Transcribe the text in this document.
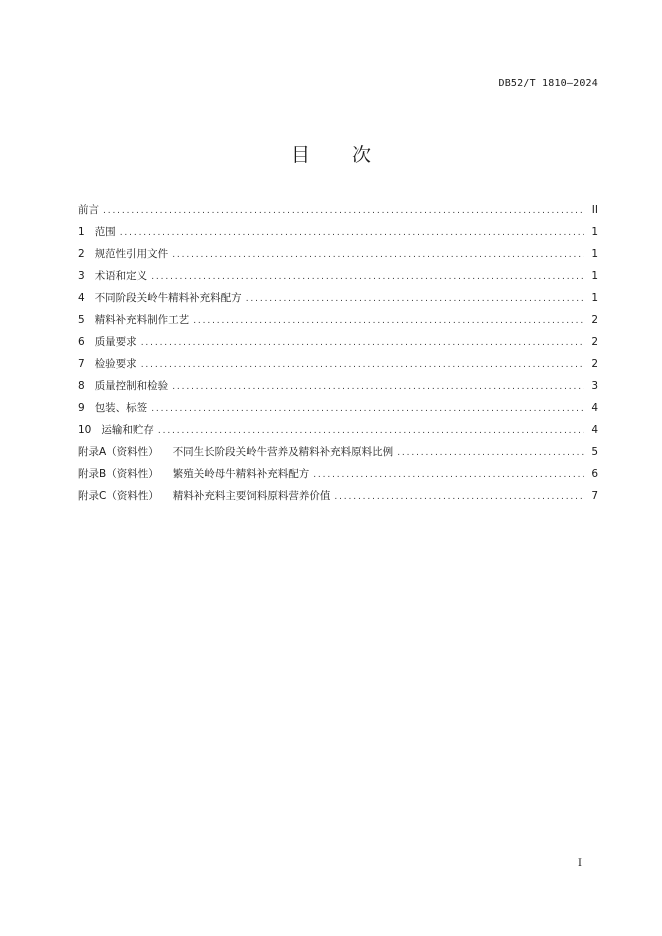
DB52/T 1810—2024
目 次
前言 . . .	II
1 范围 . . .	1
2 规范性引用文件 . . .	1
3 术语和定义 . . .	1
4 不同阶段关岭牛精料补充料配方 . . .	1
5 精料补充料制作工艺 . . .	2
6 质量要求 . . .	2
7 检验要求 . . .	2
8 质量控制和检验 . . .	3
9 包装、标签 . . .	4
10 运输和贮存 . . .	4
附录A（资料性） 不同生长阶段关岭牛营养及精料补充料原料比例 . . .	5
附录B（资料性） 繁殖关岭母牛精料补充料配方 . . .	6
附录C（资料性） 精料补充料主要饲料原料营养价值 . . .	7
I
